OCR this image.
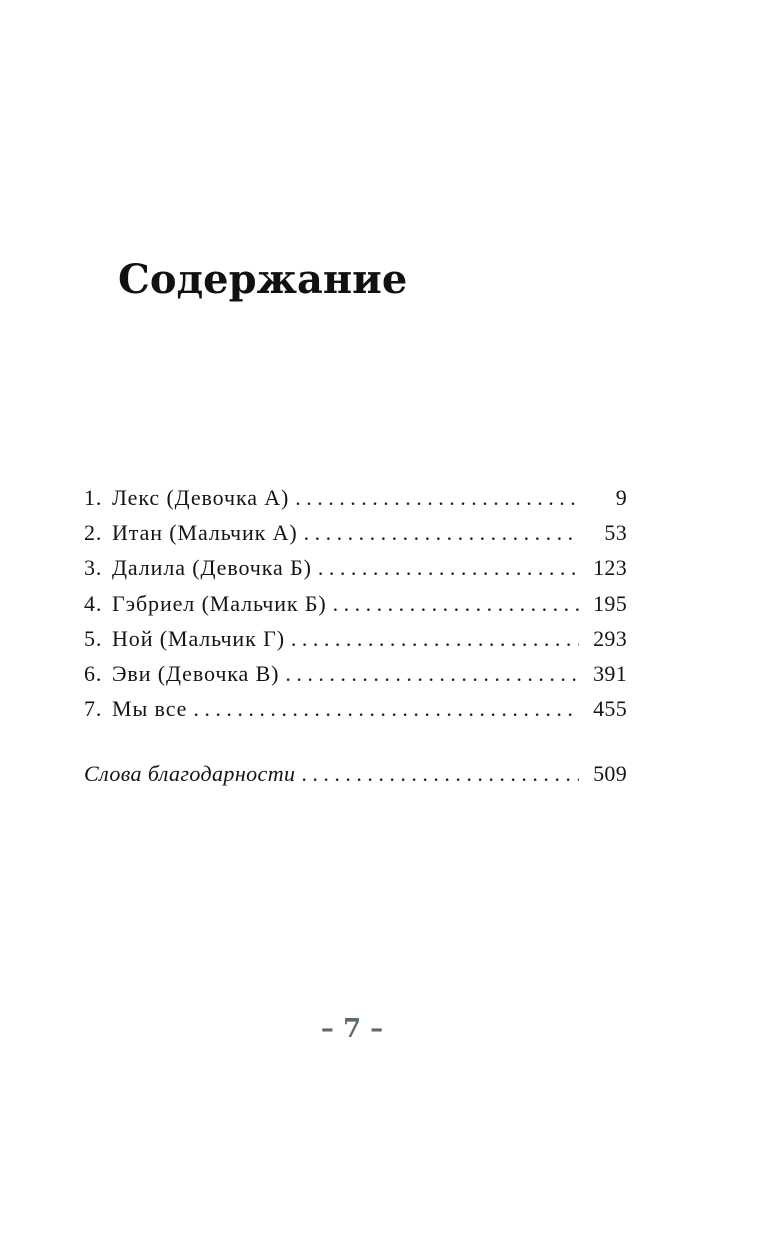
Содержание
1. Лекс (Девочка А) . . .	9
2. Итан (Мальчик А) . . .	53
3. Далила (Девочка Б) . . .	123
4. Гэбриел (Мальчик Б) . . .	195
5. Ной (Мальчик Г) . . .	293
6. Эви (Девочка В) . . .	391
7. Мы все . . .	455
Слова благодарности . . .	509
– 7 –
